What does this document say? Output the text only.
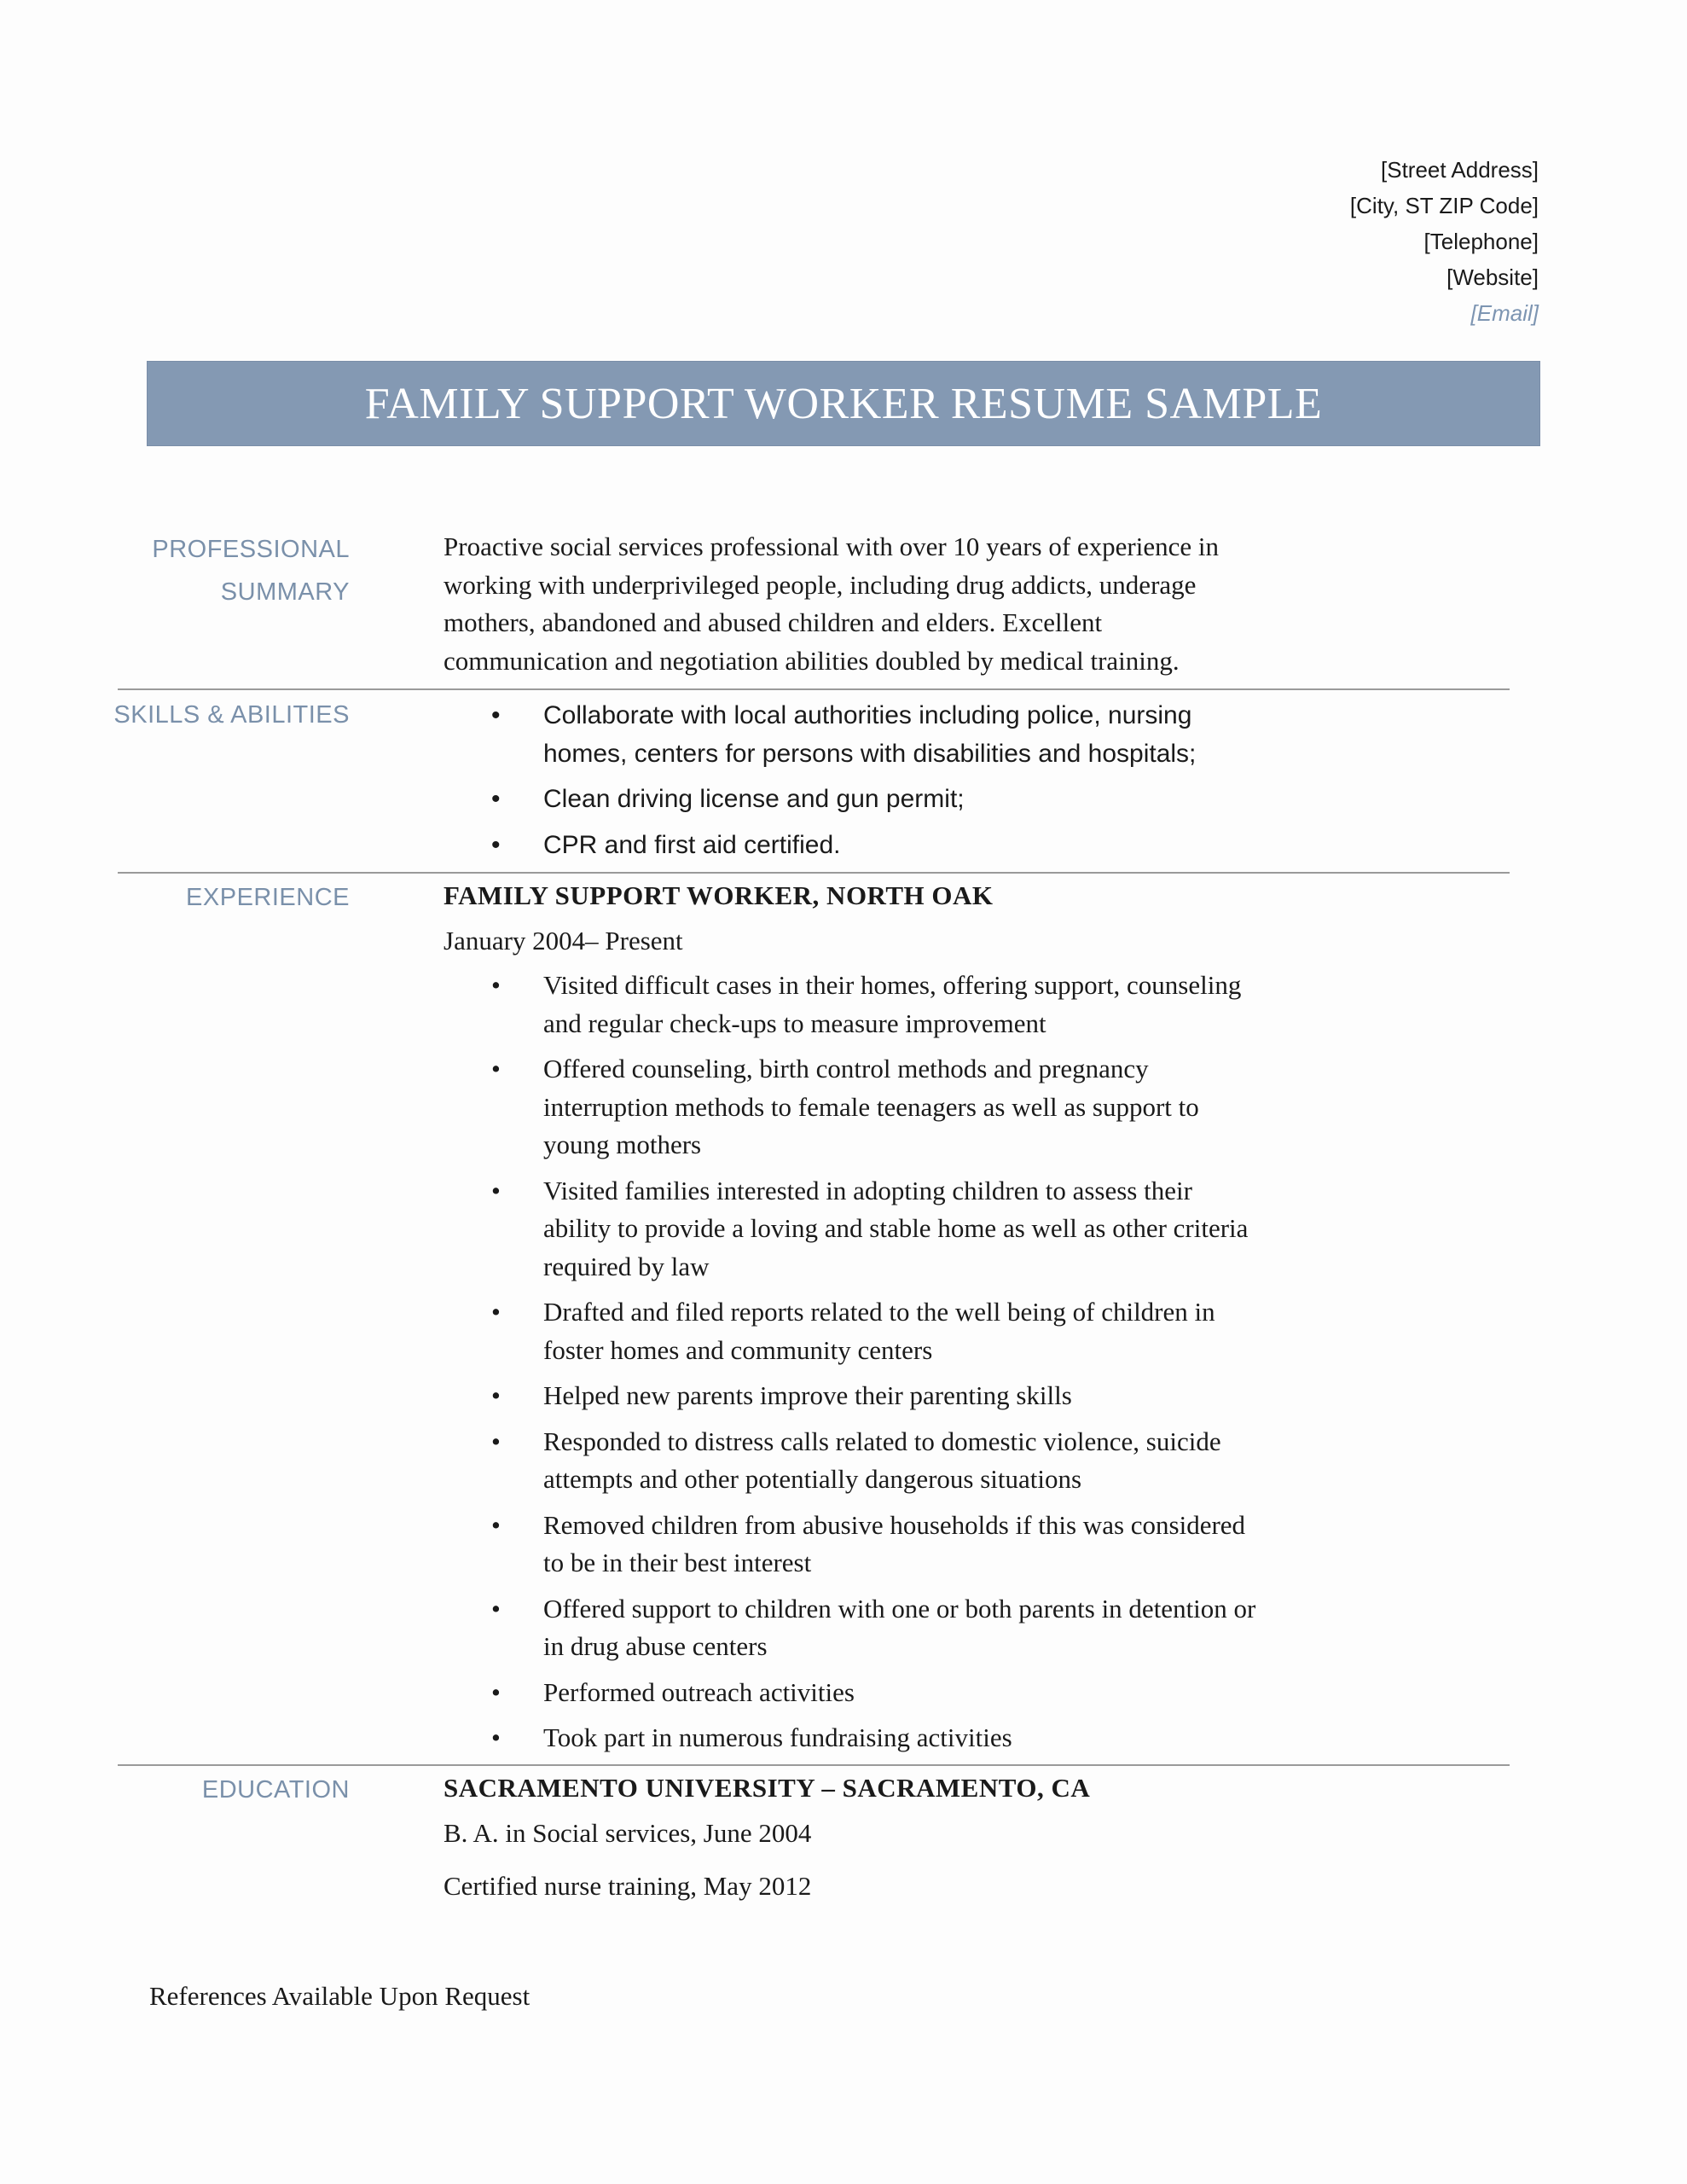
[Street Address]
[City, ST ZIP Code]
[Telephone]
[Website]
[Email]
FAMILY SUPPORT WORKER RESUME SAMPLE
PROFESSIONAL
SUMMARY
Proactive social services professional with over 10 years of experience in
working with underprivileged people, including drug addicts, underage
mothers, abandoned and abused children and elders. Excellent
communication and negotiation abilities doubled by medical training.
SKILLS & ABILITIES	• Collaborate with local authorities including police, nursing
homes, centers for persons with disabilities and hospitals;
• Clean driving license and gun permit;
• CPR and first aid certified.
EXPERIENCE	FAMILY SUPPORT WORKER, NORTH OAK
January 2004– Present
• Visited difficult cases in their homes, offering support, counseling
and regular check-ups to measure improvement
• Offered counseling, birth control methods and pregnancy
interruption methods to female teenagers as well as support to
young mothers
• Visited families interested in adopting children to assess their
ability to provide a loving and stable home as well as other criteria
required by law
• Drafted and filed reports related to the well being of children in
foster homes and community centers
• Helped new parents improve their parenting skills
• Responded to distress calls related to domestic violence, suicide
attempts and other potentially dangerous situations
• Removed children from abusive households if this was considered
to be in their best interest
• Offered support to children with one or both parents in detention or
in drug abuse centers
• Performed outreach activities
• Took part in numerous fundraising activities
EDUCATION	SACRAMENTO UNIVERSITY – SACRAMENTO, CA
B. A. in Social services, June 2004
Certified nurse training, May 2012
References Available Upon Request
